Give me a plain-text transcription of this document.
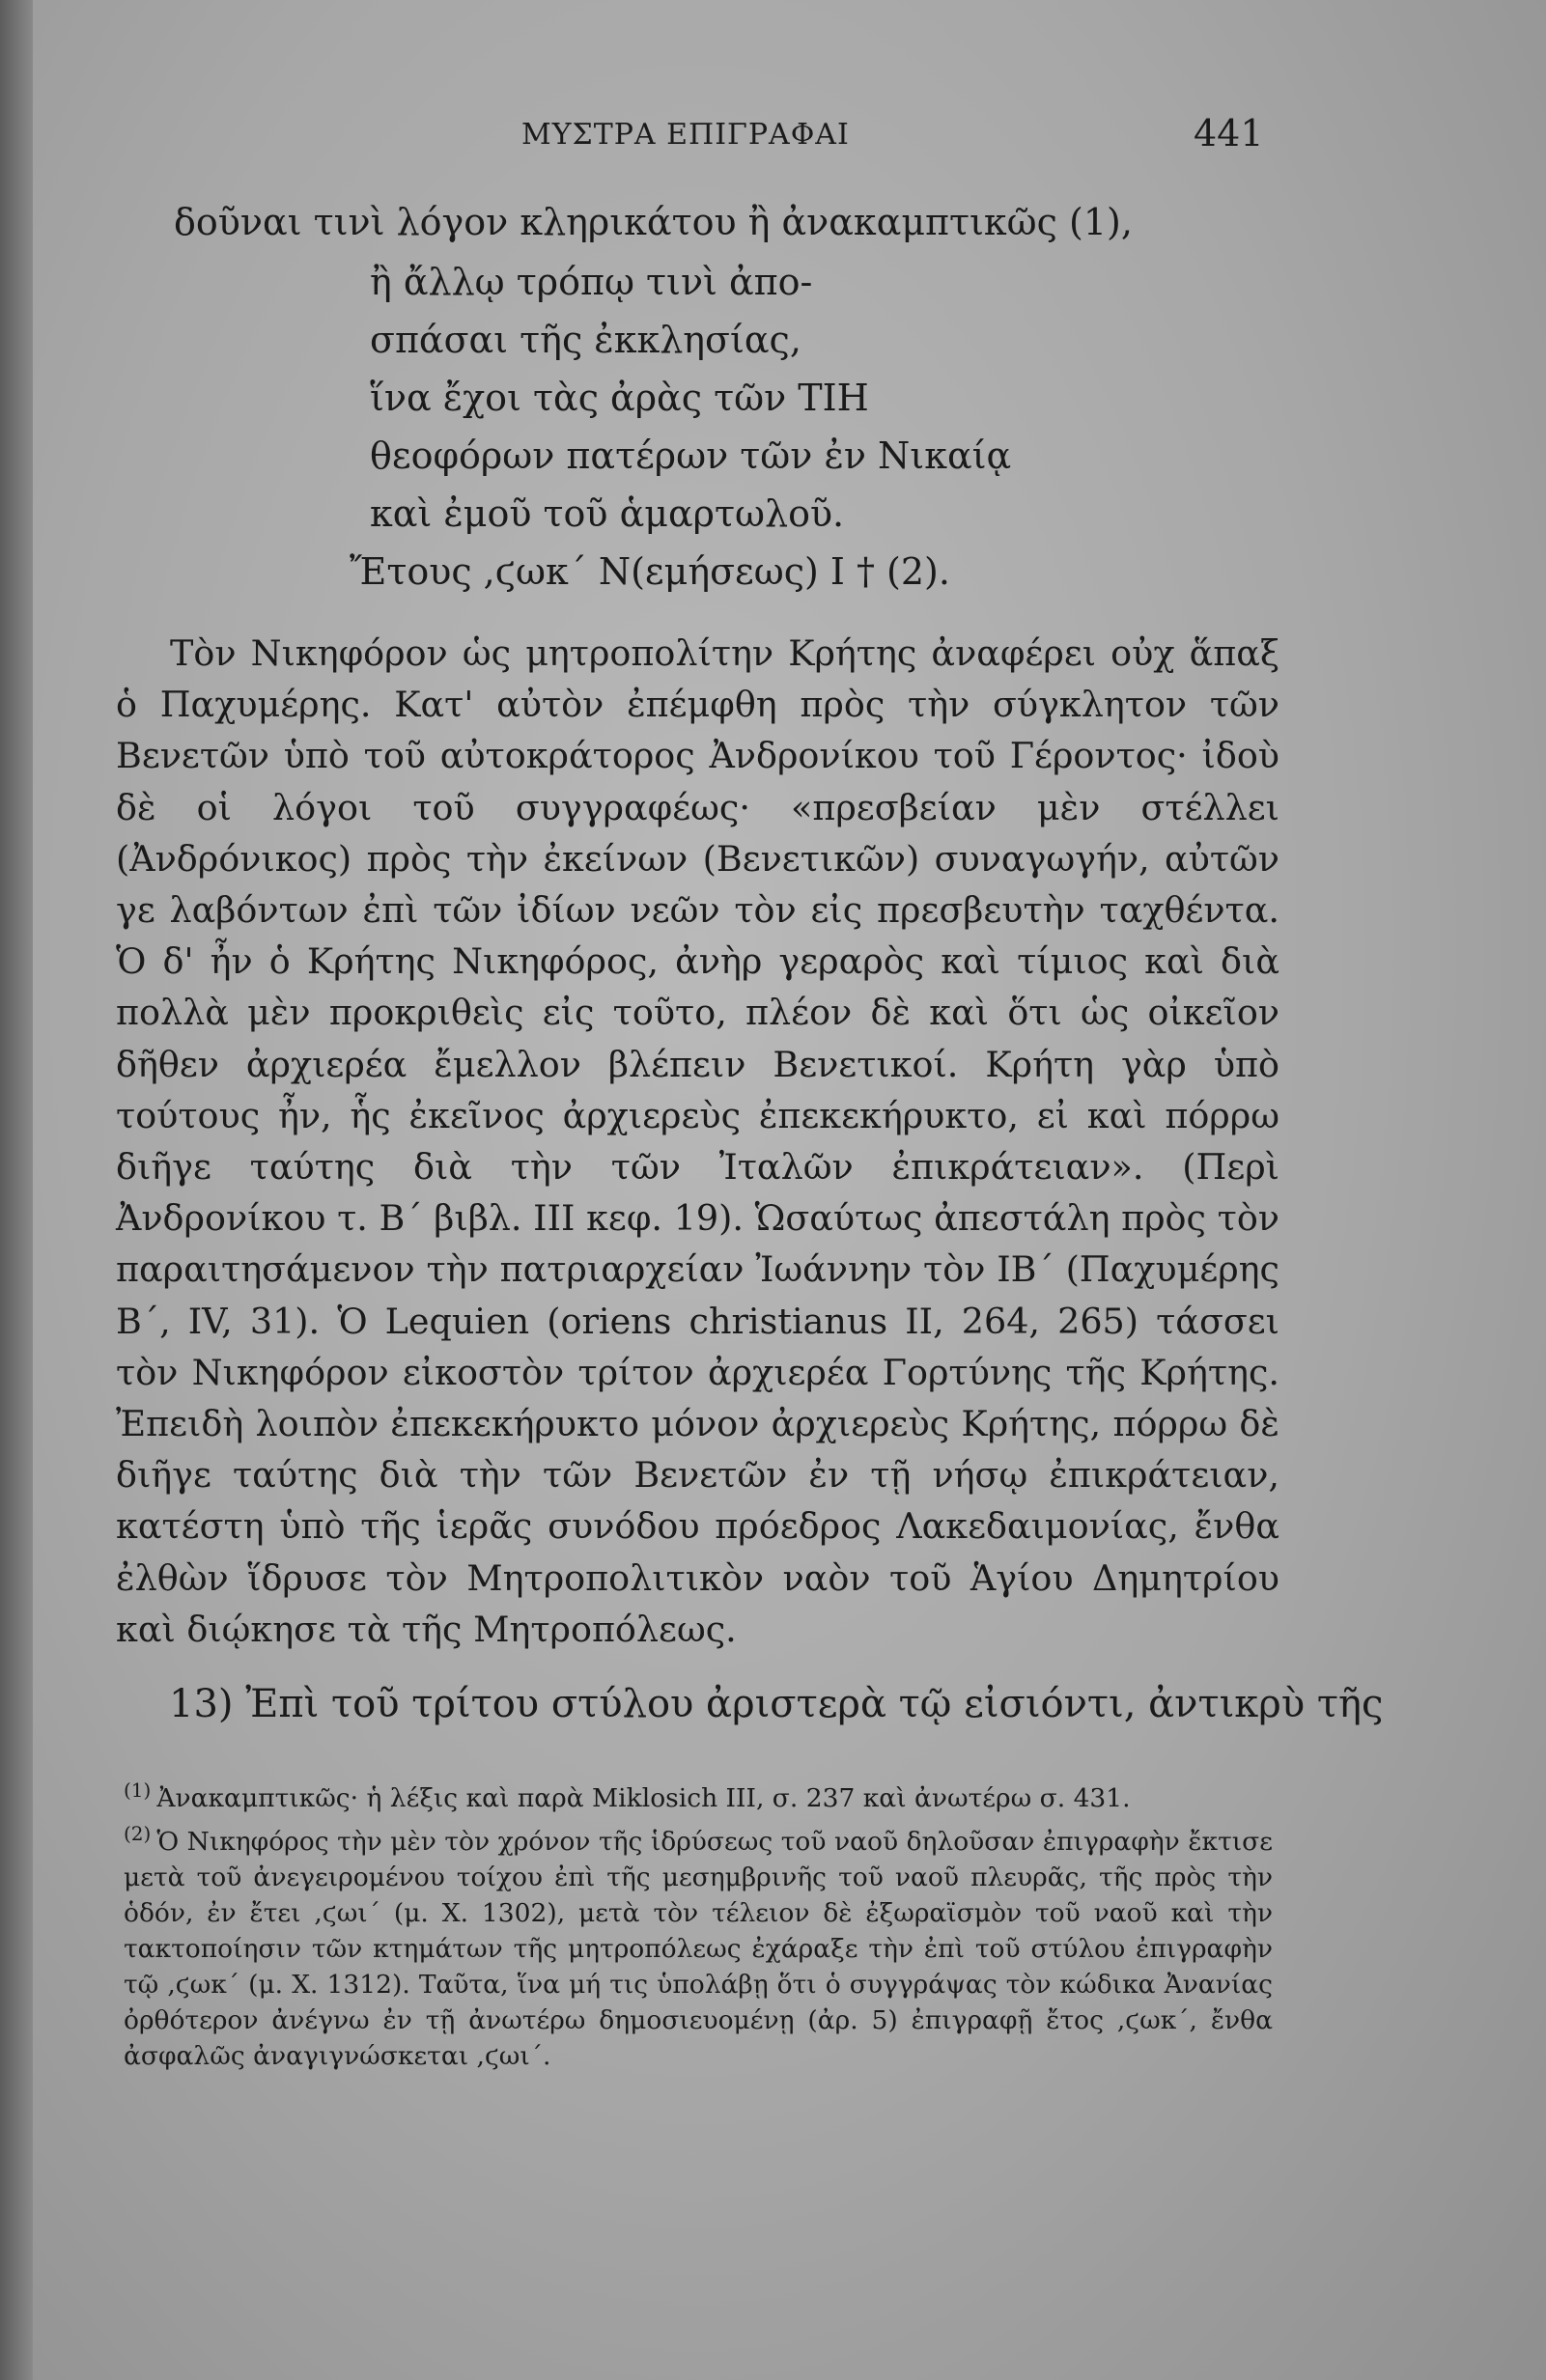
ΜΥΣΤΡΑ ΕΠΙΓΡΑΦΑΙ	441
δοῦναι τινὶ λόγον κληρικάτου ἢ ἀνακαμπτικῶς (1),
ἢ ἄλλῳ τρόπῳ τινὶ ἀπο-
σπάσαι τῆς ἐκκλησίας,
ἵνα ἔχοι τὰς ἀρὰς τῶν ΤΙΗ
θεοφόρων πατέρων τῶν ἐν Νικαίᾳ
καὶ ἐμοῦ τοῦ ἁμαρτωλοῦ.
Ἔτους ,ϛωκ΄ Ν(εμήσεως) Ι † (2).

Τὸν Νικηφόρον ὡς μητροπολίτην Κρήτης ἀναφέρει οὐχ ἅπαξ ὁ Παχυμέρης. Κατ' αὐτὸν ἐπέμφθη πρὸς τὴν σύγκλητον τῶν Βενετῶν ὑπὸ τοῦ αὐτοκράτορος Ἀνδρονίκου τοῦ Γέροντος· ἰδοὺ δὲ οἱ λόγοι τοῦ συγγραφέως· «πρεσβείαν μὲν στέλλει (Ἀνδρόνικος) πρὸς τὴν ἐκείνων (Βενετικῶν) συναγωγήν, αὐτῶν γε λαβόντων ἐπὶ τῶν ἰδίων νεῶν τὸν εἰς πρεσβευτὴν ταχθέντα. Ὁ δ' ἦν ὁ Κρήτης Νικηφόρος, ἀνὴρ γεραρὸς καὶ τίμιος καὶ διὰ πολλὰ μὲν προκριθεὶς εἰς τοῦτο, πλέον δὲ καὶ ὅτι ὡς οἰκεῖον δῆθεν ἀρχιερέα ἔμελλον βλέπειν Βενετικοί. Κρήτη γὰρ ὑπὸ τούτους ἦν, ἧς ἐκεῖνος ἀρχιερεὺς ἐπεκεκήρυκτο, εἰ καὶ πόρρω διῆγε ταύτης διὰ τὴν τῶν Ἰταλῶν ἐπικράτειαν». (Περὶ Ἀνδρονίκου τ. Β΄ βιβλ. III κεφ. 19). Ὡσαύτως ἀπεστάλη πρὸς τὸν παραιτησάμενον τὴν πατριαρχείαν Ἰωάννην τὸν ΙΒ΄ (Παχυμέρης Β΄, IV, 31). Ὁ Lequien (oriens christianus II, 264, 265) τάσσει τὸν Νικηφόρον εἰκοστὸν τρίτον ἀρχιερέα Γορτύνης τῆς Κρήτης. Ἐπειδὴ λοιπὸν ἐπεκεκήρυκτο μόνον ἀρχιερεὺς Κρήτης, πόρρω δὲ διῆγε ταύτης διὰ τὴν τῶν Βενετῶν ἐν τῇ νήσῳ ἐπικράτειαν, κατέστη ὑπὸ τῆς ἱερᾶς συνόδου πρόεδρος Λακεδαιμονίας, ἔνθα ἐλθὼν ἵδρυσε τὸν Μητροπολιτικὸν ναὸν τοῦ Ἁγίου Δημητρίου καὶ διῴκησε τὰ τῆς Μητροπόλεως.

13) Ἐπὶ τοῦ τρίτου στύλου ἀριστερὰ τῷ εἰσιόντι, ἀντικρὺ τῆς

$^{(1)}$ Ἀνακαμπτικῶς· ἡ λέξις καὶ παρὰ Miklosich III, σ. 237 καὶ ἀνωτέρω σ. 431.

$^{(2)}$ Ὁ Νικηφόρος τὴν μὲν τὸν χρόνον τῆς ἱδρύσεως τοῦ ναοῦ δηλοῦσαν ἐπιγραφὴν ἔκτισε μετὰ τοῦ ἀνεγειρομένου τοίχου ἐπὶ τῆς μεσημβρινῆς τοῦ ναοῦ πλευρᾶς, τῆς πρὸς τὴν ὁδόν, ἐν ἔτει ,ϛωι΄ (μ. Χ. 1302), μετὰ τὸν τέλειον δὲ ἐξωραϊσμὸν τοῦ ναοῦ καὶ τὴν τακτοποίησιν τῶν κτημάτων τῆς μητροπόλεως ἐχάραξε τὴν ἐπὶ τοῦ στύλου ἐπιγραφὴν τῷ ,ϛωκ΄ (μ. Χ. 1312). Ταῦτα, ἵνα μή τις ὑπολάβῃ ὅτι ὁ συγγράψας τὸν κώδικα Ἀνανίας ὀρθότερον ἀνέγνω ἐν τῇ ἀνωτέρω δημοσιευομένῃ (ἀρ. 5) ἐπιγραφῇ ἔτος ,ϛωκ΄, ἔνθα ἀσφαλῶς ἀναγιγνώσκεται ,ϛωι΄.
